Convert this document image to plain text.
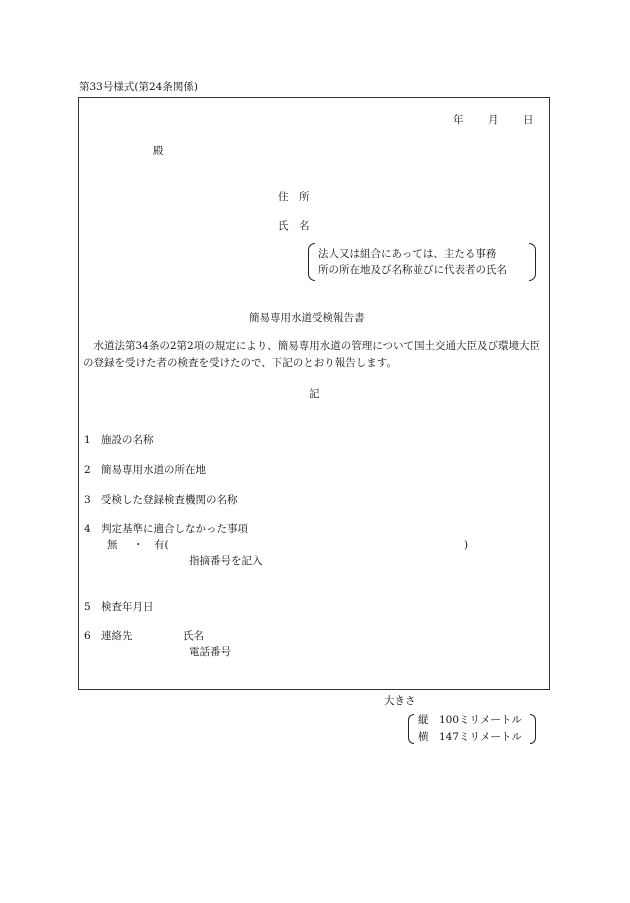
第33号様式(第24条関係)
年 月 日
殿
住　所
氏　名
法人又は組合にあっては、主たる事務
所の所在地及び名称並びに代表者の氏名
簡易専用水道受検報告書
　水道法第34条の2第2項の規定により、簡易専用水道の管理について国土交通大臣及び環境大臣の登録を受けた者の検査を受けたので、下記のとおり報告します。
記
1 施設の名称
2 簡易専用水道の所在地
3 受検した登録検査機関の名称
4 判定基準に適合しなかった事項
無 ・ 有(	)
指摘番号を記入
5 検査年月日
6 連絡先	氏名
電話番号
大きさ
縦　100ミリメートル
横　147ミリメートル
